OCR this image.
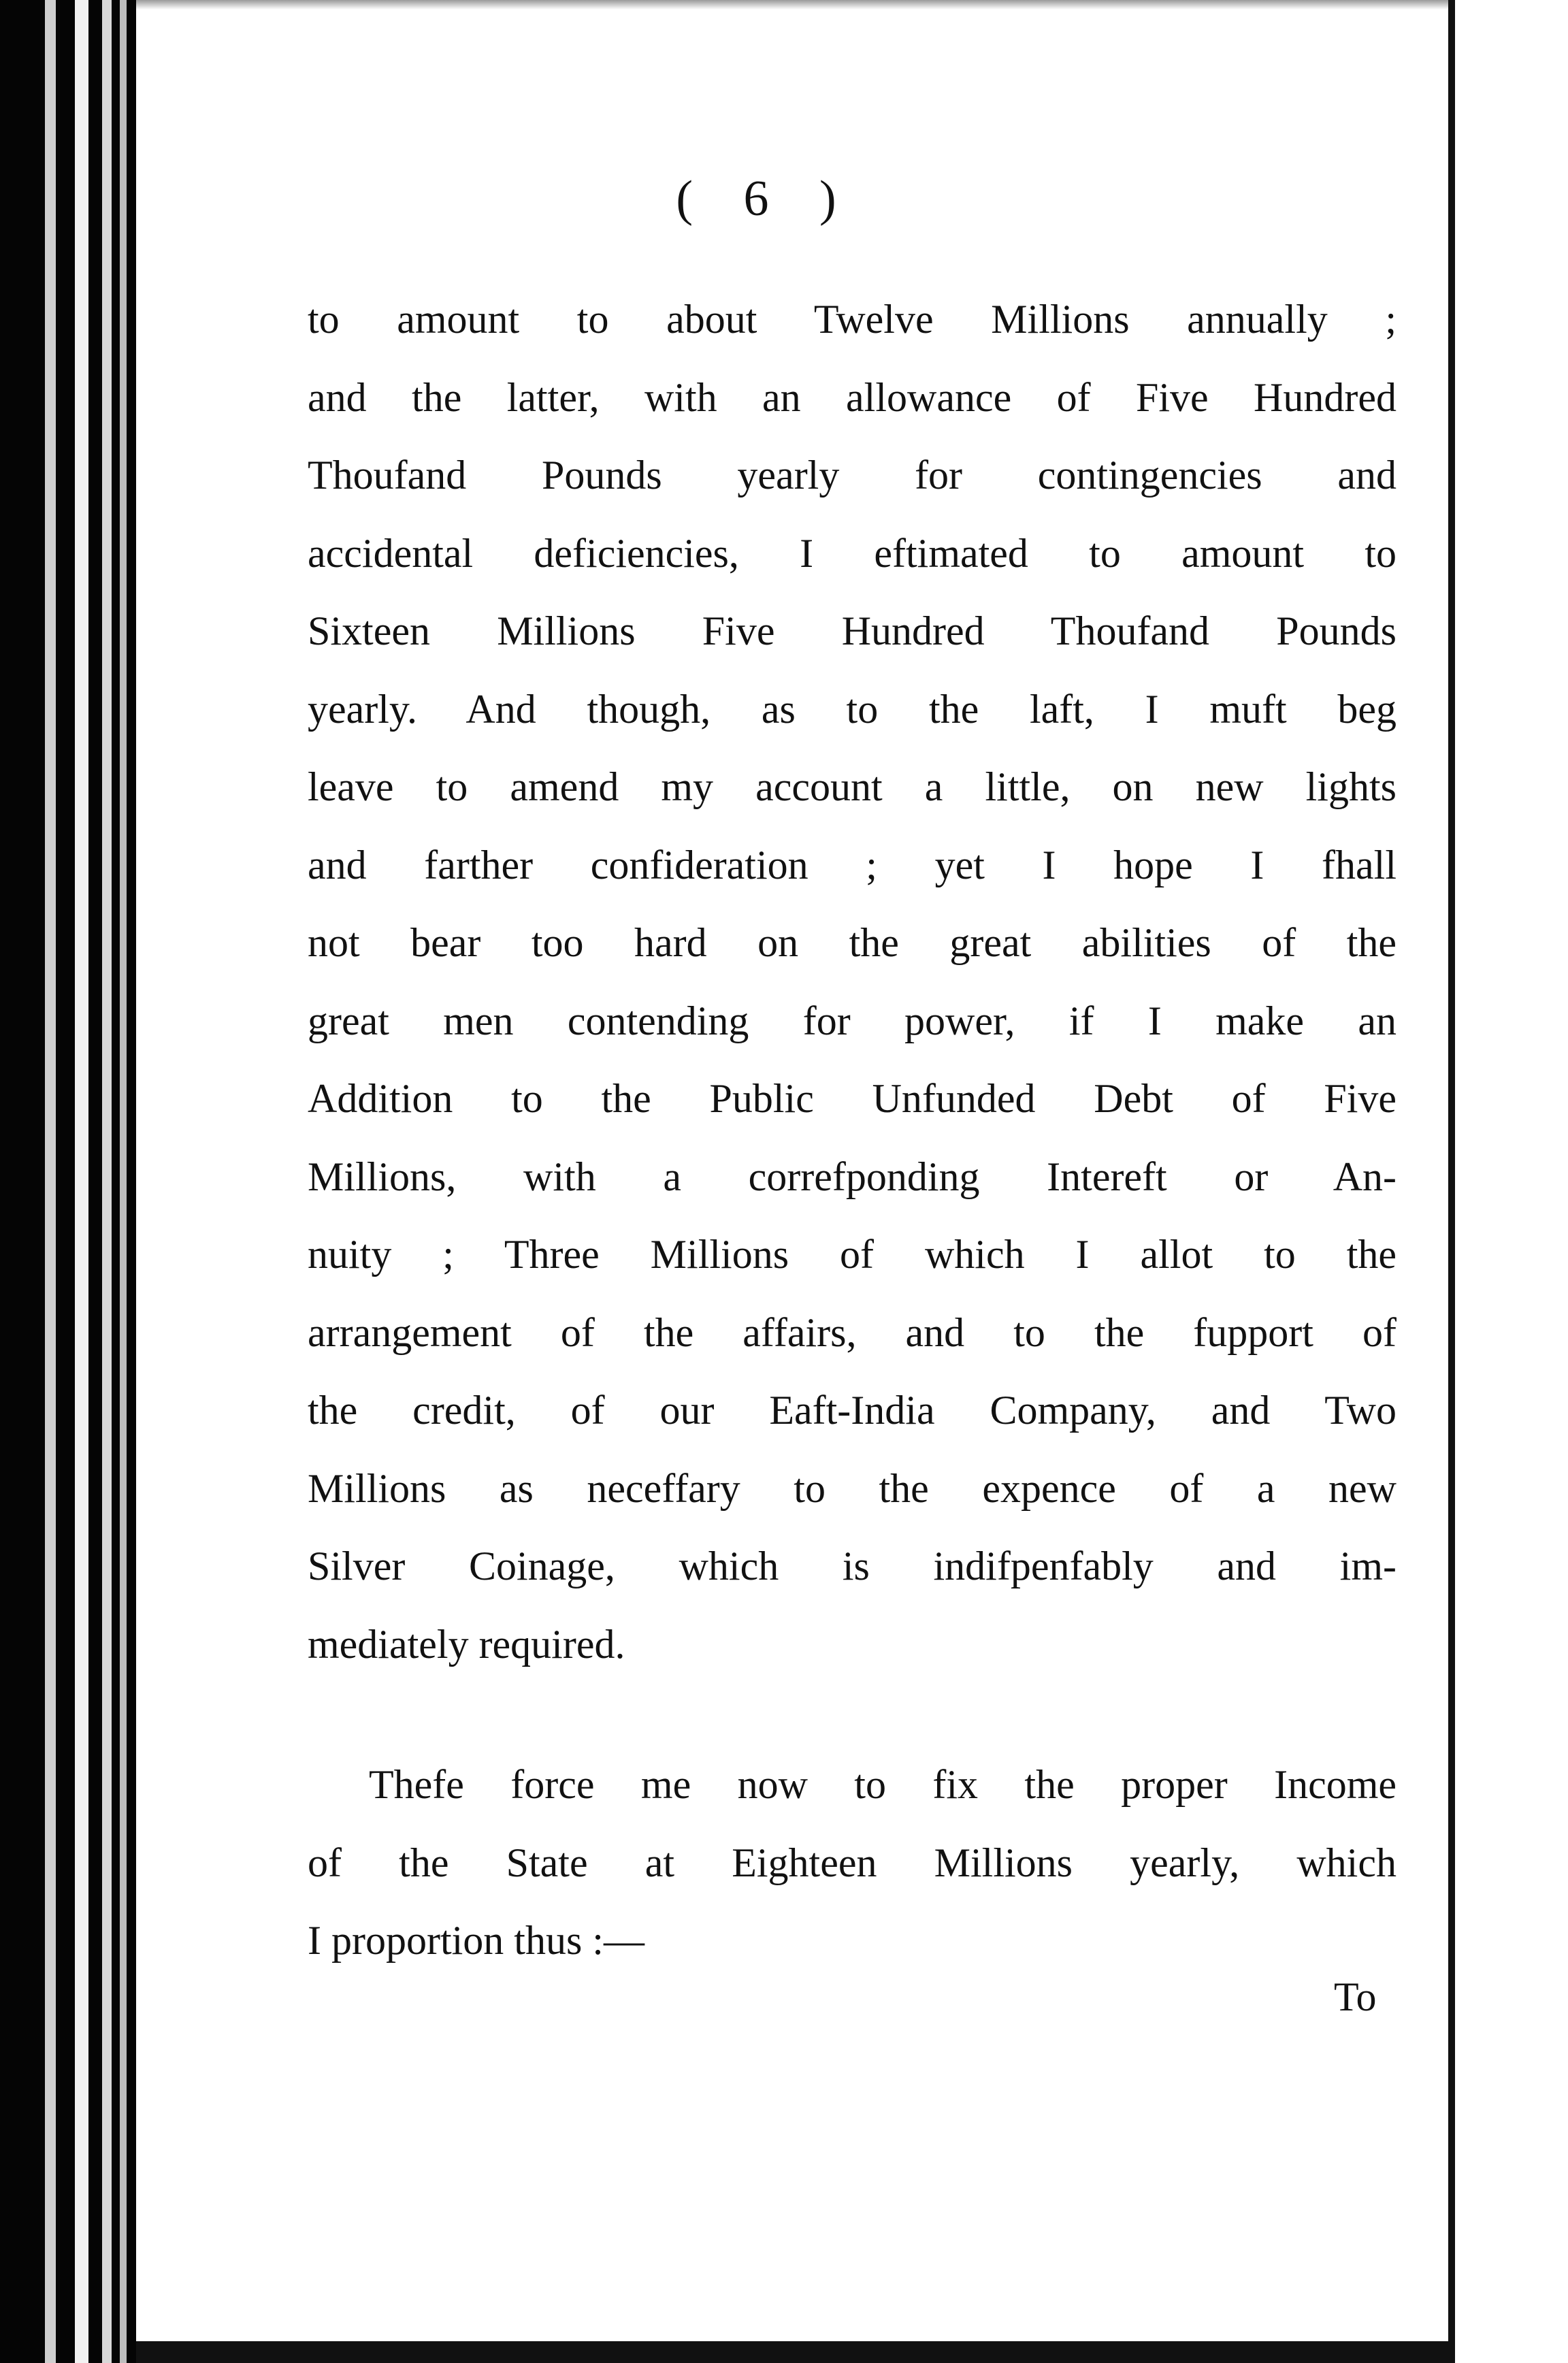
( 6 )
to amount to about Twelve Millions annually ;
and the latter, with an allowance of Five Hundred
Thoufand Pounds yearly for contingencies and
accidental deficiencies, I eftimated to amount to
Sixteen Millions Five Hundred Thoufand Pounds
yearly. And though, as to the laft, I muft beg
leave to amend my account a little, on new lights
and farther confideration ; yet I hope I fhall
not bear too hard on the great abilities of the
great men contending for power, if I make an
Addition to the Public Unfunded Debt of Five
Millions, with a correfponding Intereft or An-
nuity ; Three Millions of which I allot to the
arrangement of the affairs, and to the fupport of
the credit, of our Eaft-India Company, and Two
Millions as neceffary to the expence of a new
Silver Coinage, which is indifpenfably and im-
mediately required.
Thefe force me now to fix the proper Income
of the State at Eighteen Millions yearly, which
I proportion thus :—
To
